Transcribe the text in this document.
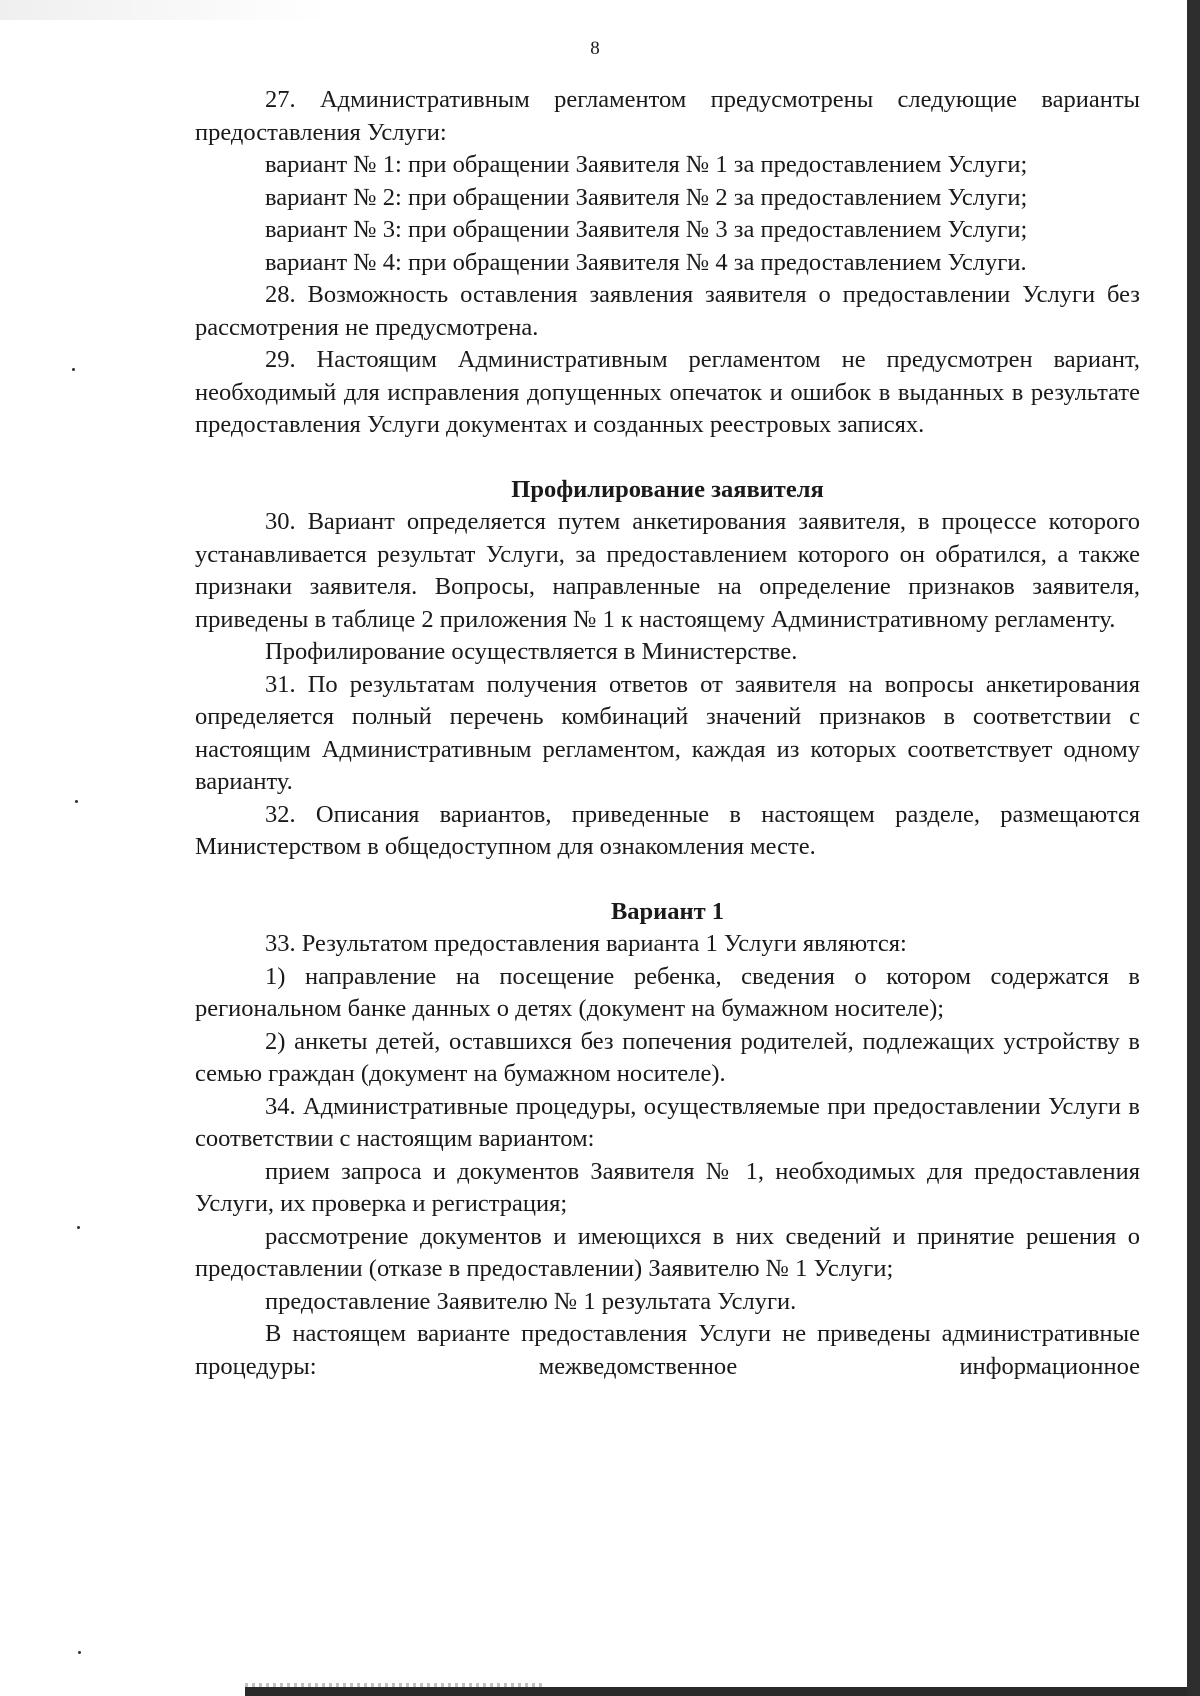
8

27. Административным регламентом предусмотрены следующие варианты предоставления Услуги:

вариант № 1: при обращении Заявителя № 1 за предоставлением Услуги;

вариант № 2: при обращении Заявителя № 2 за предоставлением Услуги;

вариант № 3: при обращении Заявителя № 3 за предоставлением Услуги;

вариант № 4: при обращении Заявителя № 4 за предоставлением Услуги.

28. Возможность оставления заявления заявителя о предоставлении Услуги без рассмотрения не предусмотрена.

29. Настоящим Административным регламентом не предусмотрен вариант, необходимый для исправления допущенных опечаток и ошибок в выданных в результате предоставления Услуги документах и созданных реестровых записях.

Профилирование заявителя

30. Вариант определяется путем анкетирования заявителя, в процессе которого устанавливается результат Услуги, за предоставлением которого он обратился, а также признаки заявителя. Вопросы, направленные на определение признаков заявителя, приведены в таблице 2 приложения № 1 к настоящему Административному регламенту.

Профилирование осуществляется в Министерстве.

31. По результатам получения ответов от заявителя на вопросы анкетирования определяется полный перечень комбинаций значений признаков в соответствии с настоящим Административным регламентом, каждая из которых соответствует одному варианту.

32. Описания вариантов, приведенные в настоящем разделе, размещаются Министерством в общедоступном для ознакомления месте.

Вариант 1

33. Результатом предоставления варианта 1 Услуги являются:

1) направление на посещение ребенка, сведения о котором содержатся в региональном банке данных о детях (документ на бумажном носителе);

2) анкеты детей, оставшихся без попечения родителей, подлежащих устройству в семью граждан (документ на бумажном носителе).

34. Административные процедуры, осуществляемые при предоставлении Услуги в соответствии с настоящим вариантом:

прием запроса и документов Заявителя № 1, необходимых для предоставления Услуги, их проверка и регистрация;

рассмотрение документов и имеющихся в них сведений и принятие решения о предоставлении (отказе в предоставлении) Заявителю № 1 Услуги;

предоставление Заявителю № 1 результата Услуги.

В настоящем варианте предоставления Услуги не приведены административные процедуры: межведомственное информационное
